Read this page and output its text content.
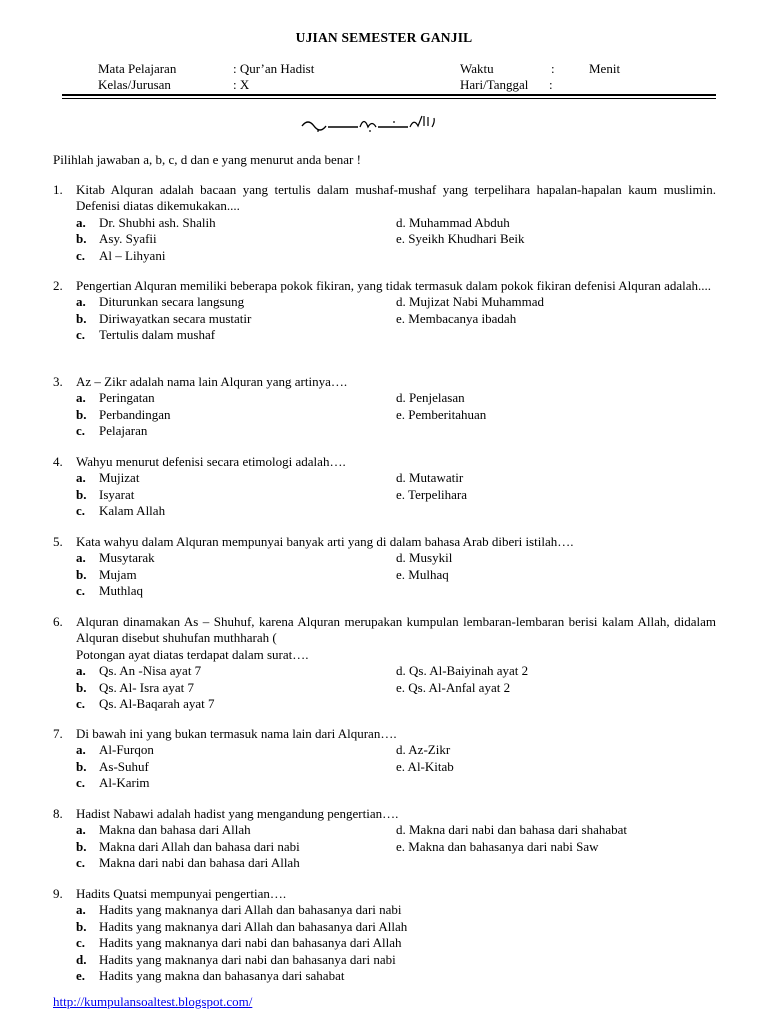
UJIAN SEMESTER GANJIL
Mata Pelajaran	: Qur’an Hadist
Kelas/Jurusan	: X
Waktu	:	Menit
Hari/Tanggal :
Pilihlah jawaban a, b, c, d dan e yang menurut anda benar !
1.	Kitab Alquran adalah bacaan yang tertulis dalam mushaf-mushaf yang terpelihara hapalan-hapalan kaum muslimin. Defenisi diatas dikemukakan....
a.	Dr. Shubhi ash. Shalih	d. Muhammad Abduh
b. Asy. Syafii	e. Syeikh Khudhari Beik
c.	Al – Lihyani
2.	Pengertian Alquran memiliki beberapa pokok fikiran, yang tidak termasuk dalam pokok fikiran defenisi Alquran adalah....
a.	Diturunkan secara langsung	d. Mujizat Nabi Muhammad
b. Diriwayatkan secara mustatir	e. Membacanya ibadah
c.	Tertulis dalam mushaf
3.	Az – Zikr adalah nama lain Alquran yang artinya….
a.	Peringatan	d. Penjelasan
b. Perbandingan	e. Pemberitahuan
c.	Pelajaran
4.	Wahyu menurut defenisi secara etimologi adalah….
a.	Mujizat	d. Mutawatir
b. Isyarat	e. Terpelihara
c.	Kalam Allah
5.	Kata wahyu dalam Alquran mempunyai banyak arti yang di dalam bahasa Arab diberi istilah….
a.	Musytarak	d. Musykil
b. Mujam	e. Mulhaq
c.	Muthlaq
6.	Alquran dinamakan As – Shuhuf, karena Alquran merupakan kumpulan lembaran-lembaran berisi kalam Allah, didalam Alquran disebut shuhufan muthharah (
Potongan ayat diatas terdapat dalam surat….
a.	Qs. An -Nisa ayat 7	d. Qs. Al-Baiyinah ayat 2
b. Qs. Al- Isra ayat 7	e. Qs. Al-Anfal ayat 2
c.	Qs. Al-Baqarah ayat 7
7.	Di bawah ini yang bukan termasuk nama lain dari Alquran….
a.	Al-Furqon	d. Az-Zikr
b. As-Suhuf	e. Al-Kitab
c.	Al-Karim
8.	Hadist Nabawi adalah hadist yang mengandung pengertian….
a.	Makna dan bahasa dari Allah	d. Makna dari nabi dan bahasa dari shahabat
b. Makna dari Allah dan bahasa dari nabi	e. Makna dan bahasanya dari nabi Saw
c.	Makna dari nabi dan bahasa dari Allah
9.	Hadits Quatsi mempunyai pengertian….
a.	Hadits yang maknanya dari Allah dan bahasanya dari nabi
b. Hadits yang maknanya dari Allah dan bahasanya dari Allah
c.	Hadits yang maknanya dari nabi dan bahasanya dari Allah
d. Hadits yang maknanya dari nabi dan bahasanya dari nabi
e.	Hadits yang makna dan bahasanya dari sahabat
http://kumpulansoaltest.blogspot.com/
